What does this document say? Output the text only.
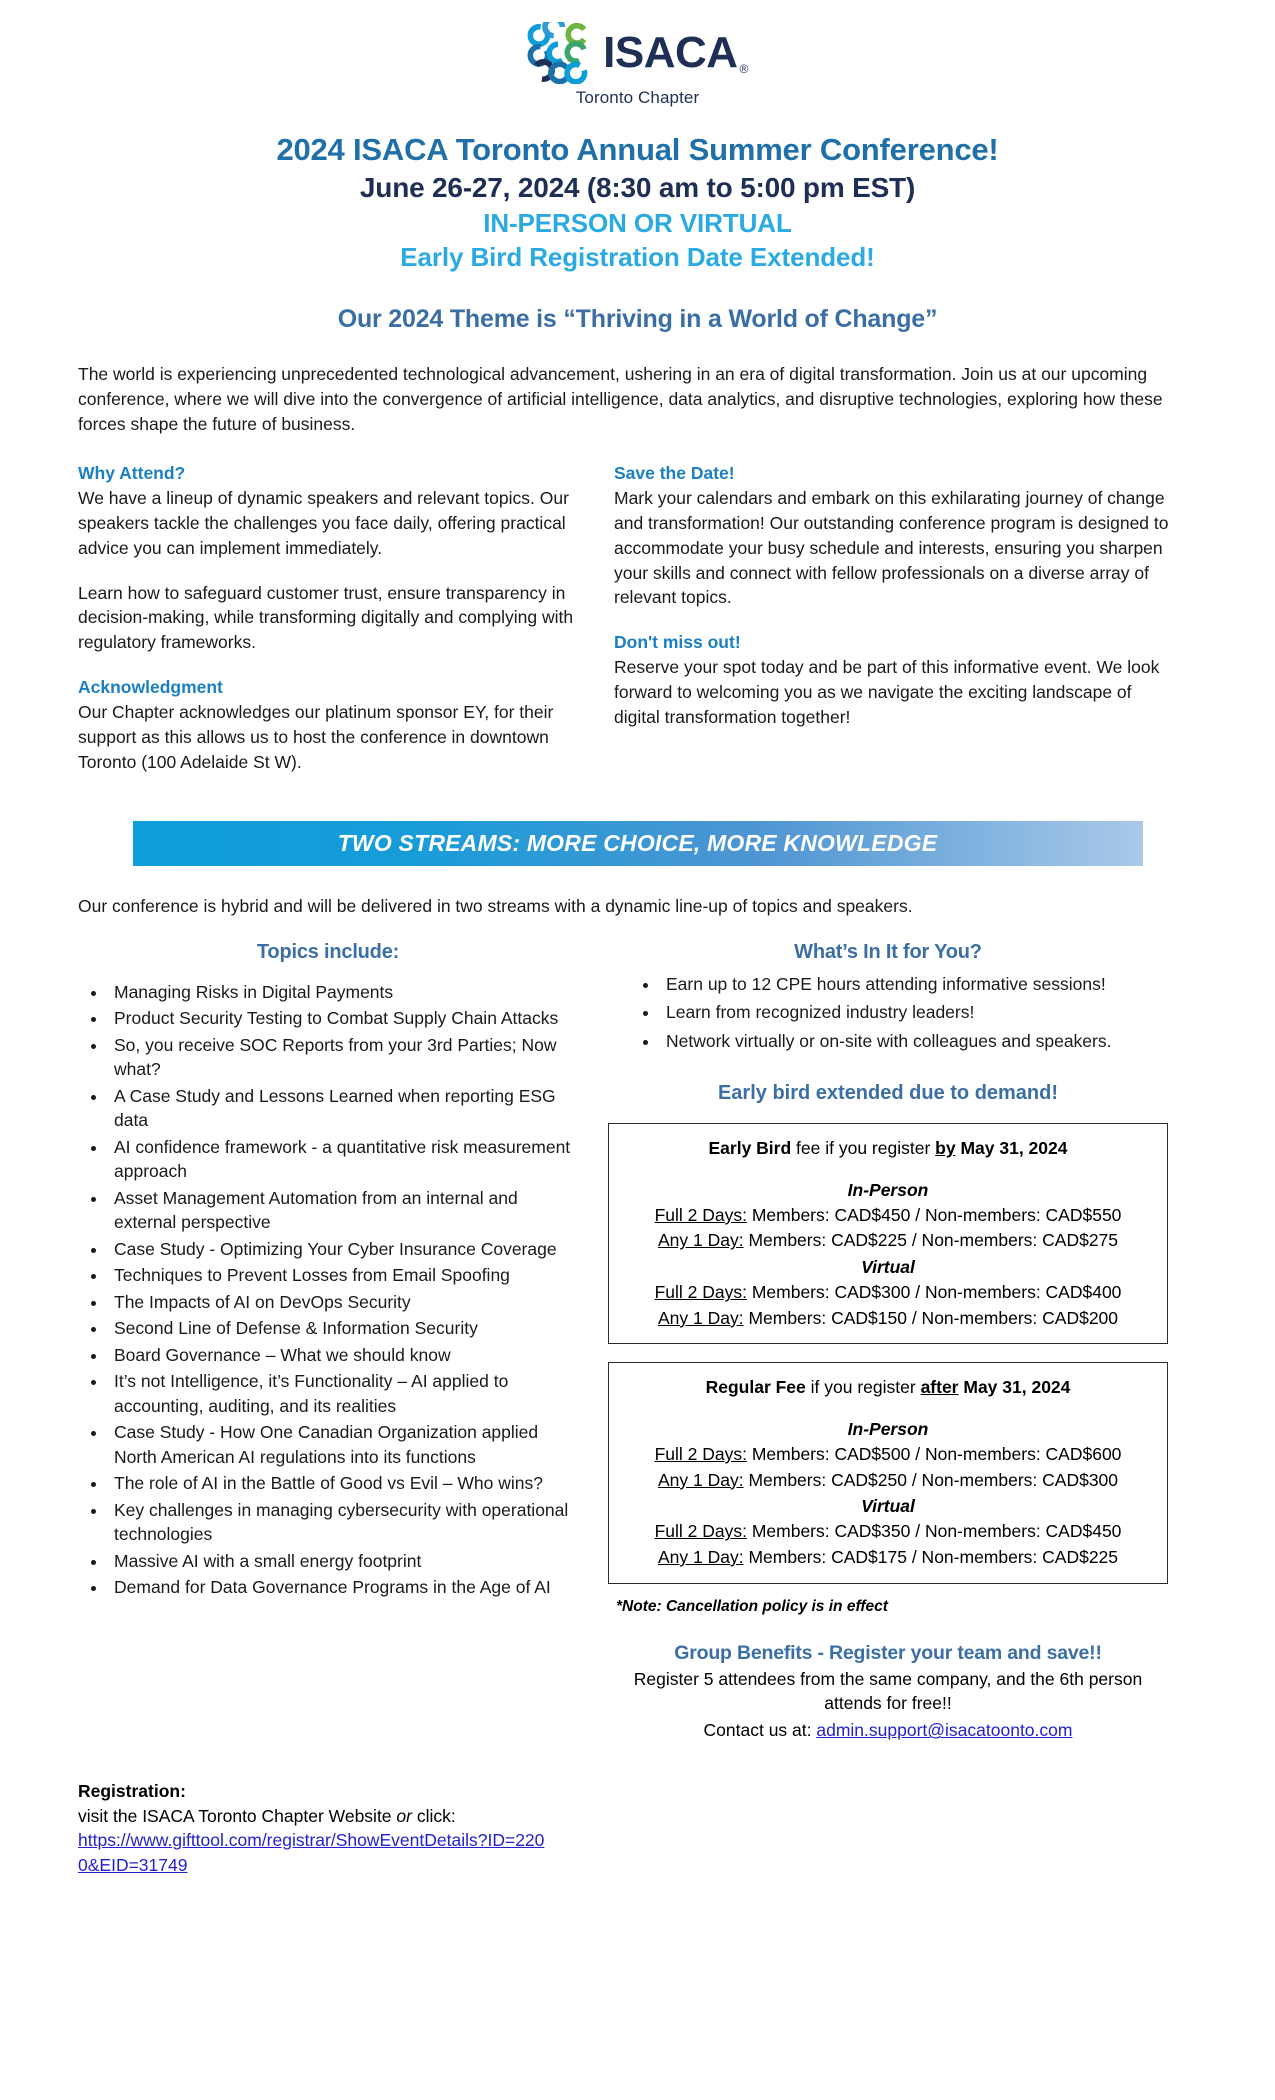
ISACA ®
Toronto Chapter
2024 ISACA Toronto Annual Summer Conference!
June 26-27, 2024 (8:30 am to 5:00 pm EST)
IN-PERSON OR VIRTUAL
Early Bird Registration Date Extended!
Our 2024 Theme is “Thriving in a World of Change”
The world is experiencing unprecedented technological advancement, ushering in an era of digital transformation. Join us at our upcoming conference, where we will dive into the convergence of artificial intelligence, data analytics, and disruptive technologies, exploring how these forces shape the future of business.
Why Attend?
We have a lineup of dynamic speakers and relevant topics. Our speakers tackle the challenges you face daily, offering practical advice you can implement immediately.
Learn how to safeguard customer trust, ensure transparency in decision-making, while transforming digitally and complying with regulatory frameworks.
Acknowledgment
Our Chapter acknowledges our platinum sponsor EY, for their support as this allows us to host the conference in downtown Toronto (100 Adelaide St W).
Save the Date!
Mark your calendars and embark on this exhilarating journey of change and transformation! Our outstanding conference program is designed to accommodate your busy schedule and interests, ensuring you sharpen your skills and connect with fellow professionals on a diverse array of relevant topics.
Don't miss out!
Reserve your spot today and be part of this informative event. We look forward to welcoming you as we navigate the exciting landscape of digital transformation together!
TWO STREAMS: MORE CHOICE, MORE KNOWLEDGE
Our conference is hybrid and will be delivered in two streams with a dynamic line-up of topics and speakers.
Topics include:
• Managing Risks in Digital Payments
• Product Security Testing to Combat Supply Chain Attacks
• So, you receive SOC Reports from your 3rd Parties; Now what?
• A Case Study and Lessons Learned when reporting ESG data
• AI confidence framework - a quantitative risk measurement approach
• Asset Management Automation from an internal and external perspective
• Case Study - Optimizing Your Cyber Insurance Coverage
• Techniques to Prevent Losses from Email Spoofing
• The Impacts of AI on DevOps Security
• Second Line of Defense & Information Security
• Board Governance – What we should know
• It’s not Intelligence, it’s Functionality – AI applied to accounting, auditing, and its realities
• Case Study - How One Canadian Organization applied North American AI regulations into its functions
• The role of AI in the Battle of Good vs Evil – Who wins?
• Key challenges in managing cybersecurity with operational technologies
• Massive AI with a small energy footprint
• Demand for Data Governance Programs in the Age of AI
What’s In It for You?
• Earn up to 12 CPE hours attending informative sessions!
• Learn from recognized industry leaders!
• Network virtually or on-site with colleagues and speakers.
Early bird extended due to demand!
Early Bird fee if you register by May 31, 2024
In-Person
Full 2 Days: Members: CAD$450 / Non-members: CAD$550
Any 1 Day: Members: CAD$225 / Non-members: CAD$275
Virtual
Full 2 Days: Members: CAD$300 / Non-members: CAD$400
Any 1 Day: Members: CAD$150 / Non-members: CAD$200
Regular Fee if you register after May 31, 2024
In-Person
Full 2 Days: Members: CAD$500 / Non-members: CAD$600
Any 1 Day: Members: CAD$250 / Non-members: CAD$300
Virtual
Full 2 Days: Members: CAD$350 / Non-members: CAD$450
Any 1 Day: Members: CAD$175 / Non-members: CAD$225
*Note: Cancellation policy is in effect
Group Benefits - Register your team and save!!
Register 5 attendees from the same company, and the 6th person attends for free!!
Contact us at: admin.support@isacatoonto.com
Registration:
visit the ISACA Toronto Chapter Website or click:
https://www.gifttool.com/registrar/ShowEventDetails?ID=2200&EID=31749
